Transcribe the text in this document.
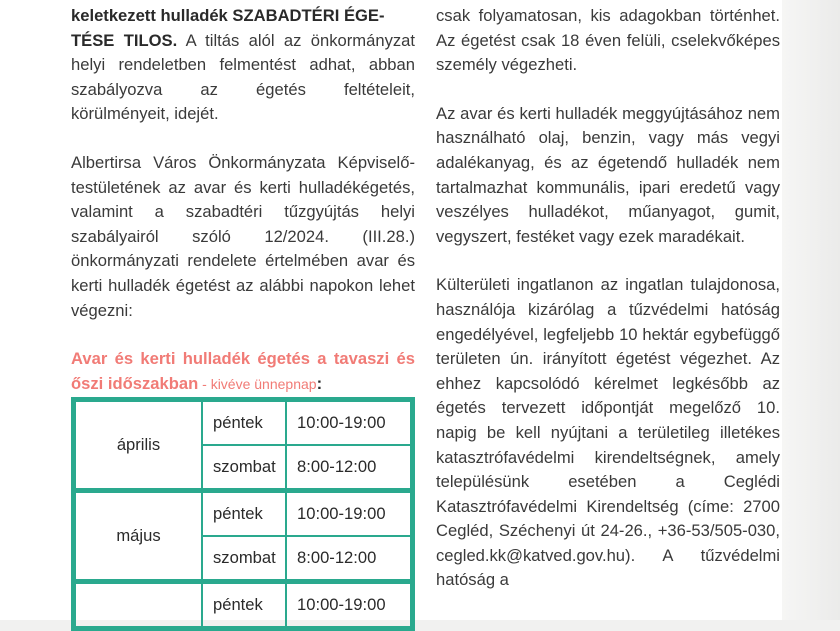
keletkezett hulladék SZABADTÉRI ÉGE-
TÉSE TILOS. A tiltás alól az önkormányzat helyi rendeletben felmentést adhat, abban szabályozva az égetés feltételeit, körülményeit, idejét.

Albertirsa Város Önkormányzata Képviselő-testületének az avar és kerti hulladékégetés, valamint a szabadtéri tűzgyújtás helyi szabályairól szóló 12/2024. (III.28.) önkormányzati rendelete értelmében avar és kerti hulladék égetést az alábbi napokon lehet végezni:

Avar és kerti hulladék égetés a tavaszi és őszi időszakban - kivéve ünnepnap:
április	péntek	10:00-19:00
	szombat	8:00-12:00
május	péntek	10:00-19:00
	szombat	8:00-12:00
	péntek	10:00-19:00

csak folyamatosan, kis adagokban történhet. Az égetést csak 18 éven felüli, cselekvőképes személy végezheti.

Az avar és kerti hulladék meggyújtásához nem használható olaj, benzin, vagy más vegyi adalékanyag, és az égetendő hulladék nem tartalmazhat kommunális, ipari eredetű vagy veszélyes hulladékot, műanyagot, gumit, vegyszert, festéket vagy ezek maradékait.

Külterületi ingatlanon az ingatlan tulajdonosa, használója kizárólag a tűzvédelmi hatóság engedélyével, legfeljebb 10 hektár egybefüggő területen ún. irányított égetést végezhet. Az ehhez kapcsolódó kérelmet legkésőbb az égetés tervezett időpontját megelőző 10. napig be kell nyújtani a területileg illetékes katasztrófavédelmi kirendeltségnek, amely településünk esetében a Ceglédi Katasztrófavédelmi Kirendeltség (címe: 2700 Cegléd, Széchenyi út 24-26., +36-53/505-030, cegled.kk@katved.gov.hu). A tűzvédelmi hatóság a
